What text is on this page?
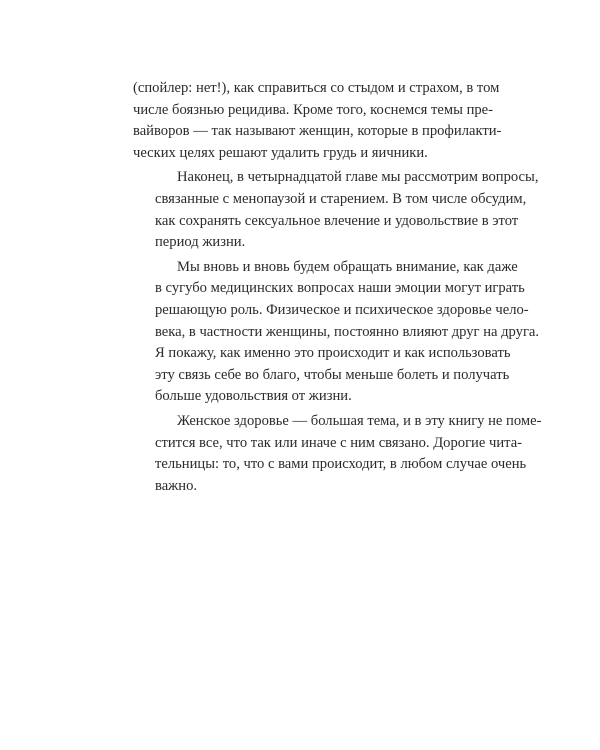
(спойлер: нет!), как справиться со стыдом и страхом, в том
числе боязнью рецидива. Кроме того, коснемся темы пре-
вайворов — так называют женщин, которые в профилакти-
ческих целях решают удалить грудь и яичники.
Наконец, в четырнадцатой главе мы рассмотрим вопросы,
связанные с менопаузой и старением. В том числе обсудим,
как сохранять сексуальное влечение и удовольствие в этот
период жизни.
Мы вновь и вновь будем обращать внимание, как даже
в сугубо медицинских вопросах наши эмоции могут играть
решающую роль. Физическое и психическое здоровье чело-
века, в частности женщины, постоянно влияют друг на друга.
Я покажу, как именно это происходит и как использовать
эту связь себе во благо, чтобы меньше болеть и получать
больше удовольствия от жизни.
Женское здоровье — большая тема, и в эту книгу не поме-
стится все, что так или иначе с ним связано. Дорогие чита-
тельницы: то, что с вами происходит, в любом случае очень
важно.
